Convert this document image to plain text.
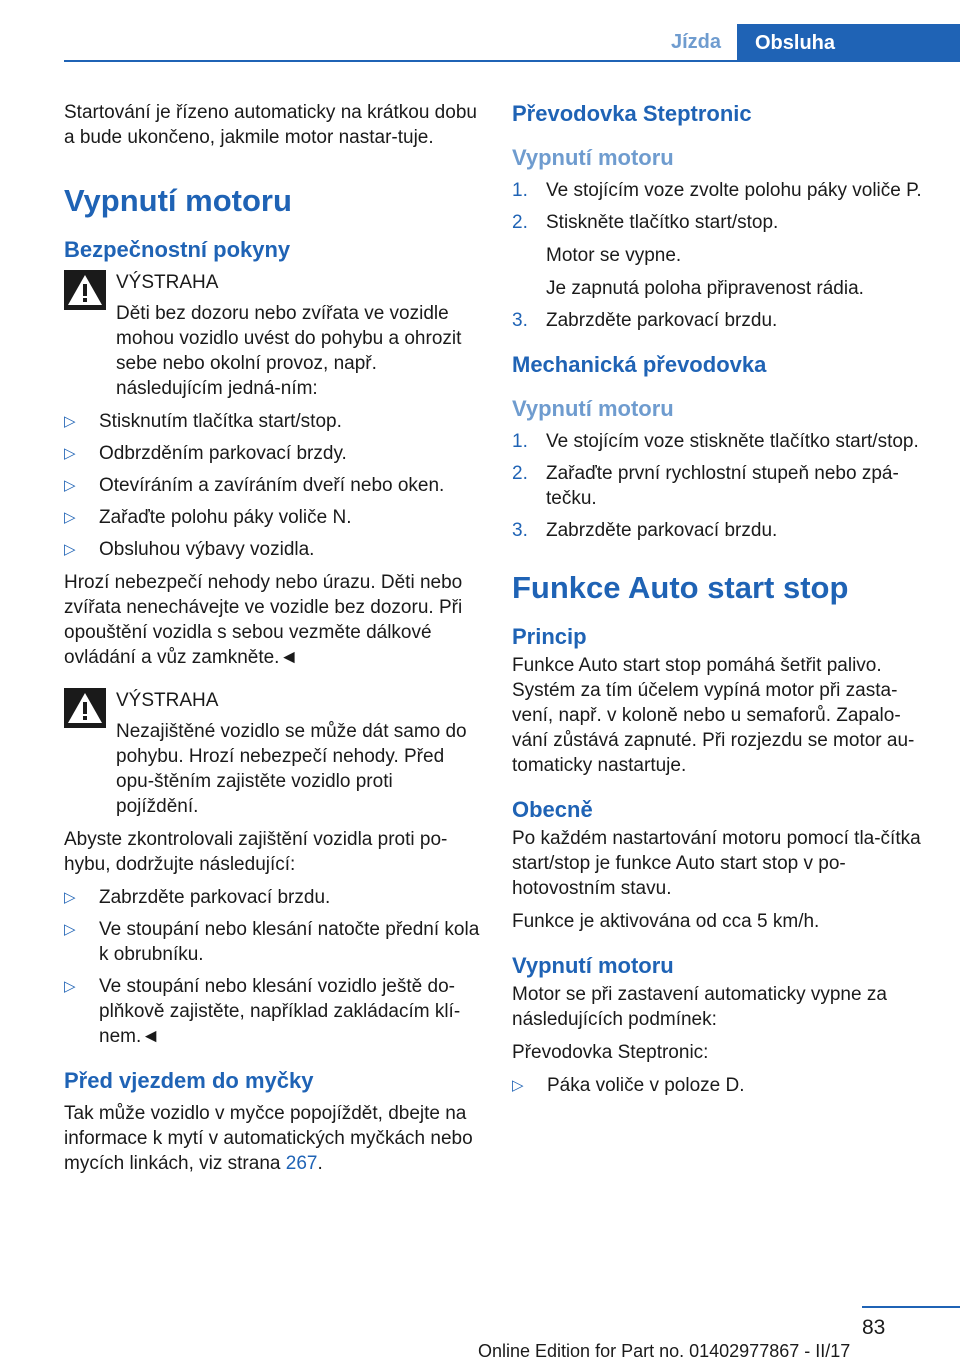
Jízda	Obsluha

Startování je řízeno automaticky na krátkou dobu a bude ukončeno, jakmile motor nastar‐tuje.

Vypnutí motoru
Bezpečnostní pokyny

VÝSTRAHA

Děti bez dozoru nebo zvířata ve vozidle mohou vozidlo uvést do pohybu a ohrozit sebe nebo okolní provoz, např. následujícím jedná‐ním:

▷ Stisknutím tlačítka start/stop.
▷ Odbrzděním parkovací brzdy.
▷ Otevíráním a zavíráním dveří nebo oken.
▷ Zařaďte polohu páky voliče N.
▷ Obsluhou výbavy vozidla.

Hrozí nebezpečí nehody nebo úrazu. Děti nebo zvířata nenechávejte ve vozidle bez dozoru. Při opouštění vozidla s sebou vezměte dálkové ovládání a vůz zamkněte.◄

VÝSTRAHA

Nezajištěné vozidlo se může dát samo do pohybu. Hrozí nebezpečí nehody. Před opu‐štěním zajistěte vozidlo proti pojíždění.

Abyste zkontrolovali zajištění vozidla proti po‐hybu, dodržujte následující:

▷ Zabrzděte parkovací brzdu.
▷ Ve stoupání nebo klesání natočte přední kola k obrubníku.
▷ Ve stoupání nebo klesání vozidlo ještě do‐plňkově zajistěte, například zakládacím klí‐nem.◄
Před vjezdem do myčky

Tak může vozidlo v myčce popojíždět, dbejte na informace k mytí v automatických myčkách nebo mycích linkách, viz strana 267.

Převodovka Steptronic
Vypnutí motoru
1. Ve stojícím voze zvolte polohu páky voliče P.
2. Stiskněte tlačítko start/stop.

Motor se vypne.

Je zapnutá poloha připravenost rádia.

3. Zabrzděte parkovací brzdu.
Mechanická převodovka
Vypnutí motoru
1. Ve stojícím voze stiskněte tlačítko start/stop.
2. Zařaďte první rychlostní stupeň nebo zpá‐tečku.
3. Zabrzděte parkovací brzdu.
Funkce Auto start stop
Princip

Funkce Auto start stop pomáhá šetřit palivo. Systém za tím účelem vypíná motor při zasta‐vení, např. v koloně nebo u semaforů. Zapalo‐vání zůstává zapnuté. Při rozjezdu se motor au‐tomaticky nastartuje.

Obecně

Po každém nastartování motoru pomocí tla‐čítka start/stop je funkce Auto start stop v po‐hotovostním stavu.

Funkce je aktivována od cca 5 km/h.

Vypnutí motoru

Motor se při zastavení automaticky vypne za následujících podmínek:

Převodovka Steptronic:

▷ Páka voliče v poloze D.
83
Online Edition for Part no. 01402977867 - II/17
